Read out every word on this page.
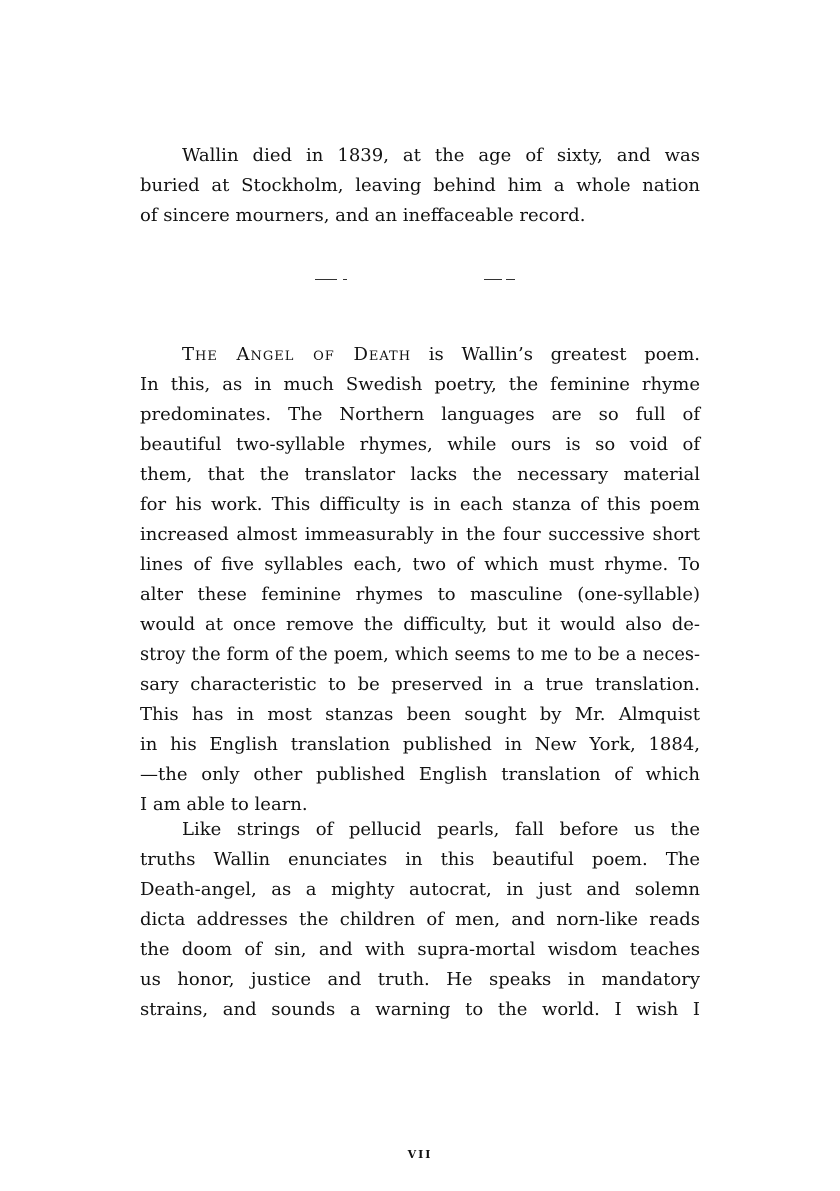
Wallin died in 1839, at the age of sixty, and was
buried at Stockholm, leaving behind him a whole nation
of sincere mourners, and an ineffaceable record.
The Angel of Death is Wallin’s greatest poem.
In this, as in much Swedish poetry, the feminine rhyme
predominates. The Northern languages are so full of
beautiful two-syllable rhymes, while ours is so void of
them, that the translator lacks the necessary material
for his work. This difficulty is in each stanza of this poem
increased almost immeasurably in the four successive short
lines of five syllables each, two of which must rhyme. To
alter these feminine rhymes to masculine (one-syllable)
would at once remove the difficulty, but it would also de-
stroy the form of the poem, which seems to me to be a neces-
sary characteristic to be preserved in a true translation.
This has in most stanzas been sought by Mr. Almquist
in his English translation published in New York, 1884,
—the only other published English translation of which
I am able to learn.
Like strings of pellucid pearls, fall before us the
truths Wallin enunciates in this beautiful poem. The
Death-angel, as a mighty autocrat, in just and solemn
dicta addresses the children of men, and norn-like reads
the doom of sin, and with supra-mortal wisdom teaches
us honor, justice and truth. He speaks in mandatory
strains, and sounds a warning to the world. I wish I
VII
